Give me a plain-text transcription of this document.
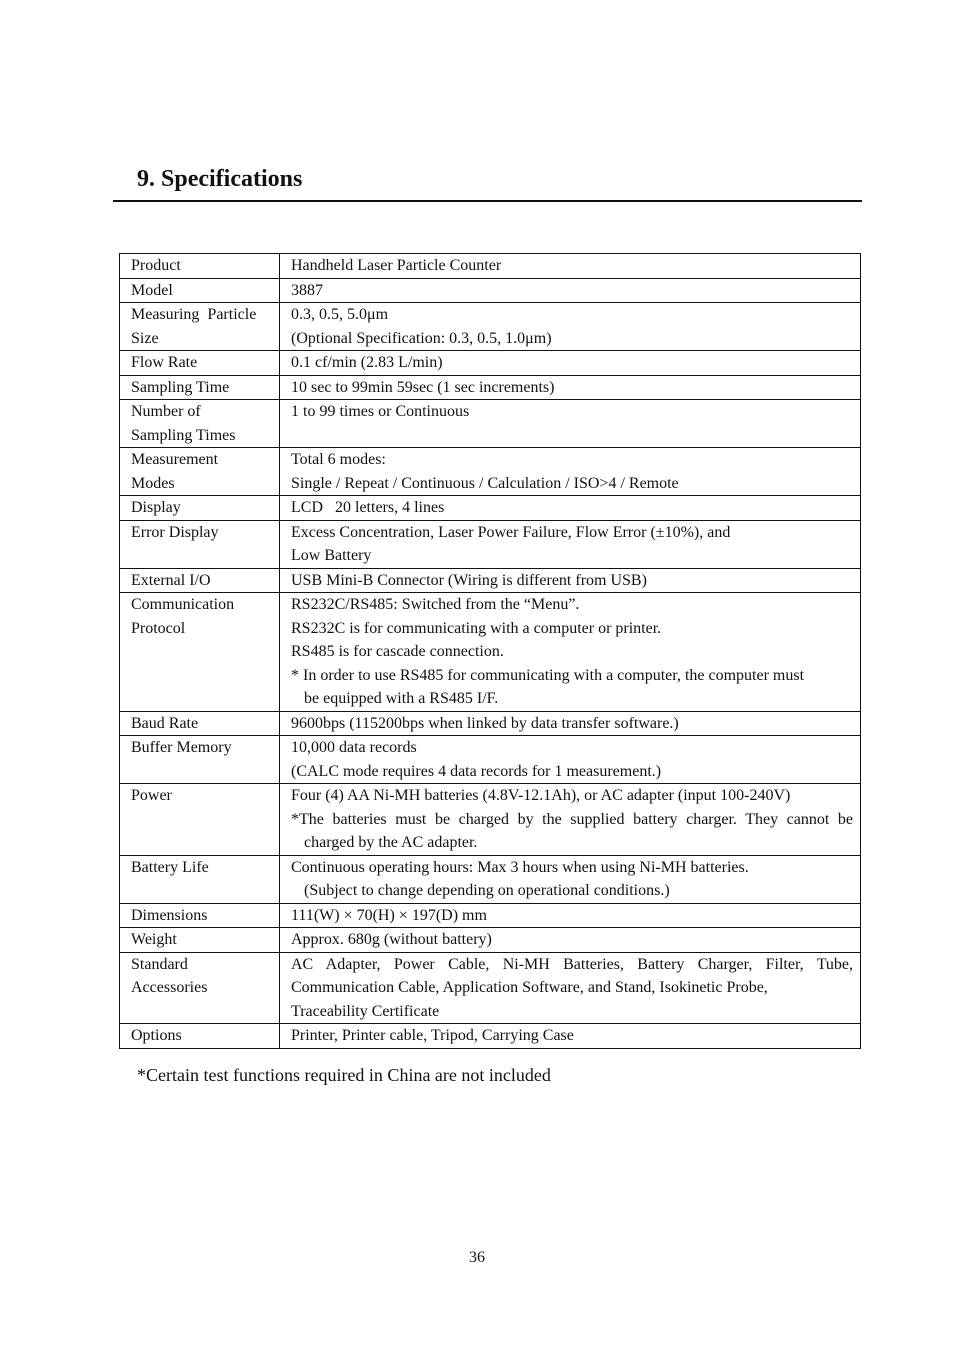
9. Specifications
Product	Handheld Laser Particle Counter

Model	3887

Measuring  Particle
Size	0.3, 0.5, 5.0μm
(Optional Specification: 0.3, 0.5, 1.0μm)

Flow Rate	0.1 cf/min (2.83 L/min)

Sampling Time	10 sec to 99min 59sec (1 sec increments)

Number of
Sampling Times	1 to 99 times or Continuous

Measurement
Modes	Total 6 modes:
Single / Repeat / Continuous / Calculation / ISO>4 / Remote

Display	LCD   20 letters, 4 lines

Error Display	Excess Concentration, Laser Power Failure, Flow Error (±10%), and
Low Battery

External I/O	USB Mini-B Connector (Wiring is different from USB)

Communication
Protocol	RS232C/RS485: Switched from the “Menu”.
RS232C is for communicating with a computer or printer.
RS485 is for cascade connection.
* In order to use RS485 for communicating with a computer, the computer must
be equipped with a RS485 I/F.

Baud Rate	9600bps (115200bps when linked by data transfer software.)

Buffer Memory	10,000 data records
(CALC mode requires 4 data records for 1 measurement.)

Power	Four (4) AA Ni-MH batteries (4.8V-12.1Ah), or AC adapter (input 100-240V)
*The batteries must be charged by the supplied battery charger. They cannot be
charged by the AC adapter.

Battery Life	Continuous operating hours: Max 3 hours when using Ni-MH batteries.
(Subject to change depending on operational conditions.)

Dimensions	111(W) × 70(H) × 197(D) mm

Weight	Approx. 680g (without battery)

Standard
Accessories	AC Adapter, Power Cable, Ni-MH Batteries, Battery Charger, Filter, Tube,
Communication Cable, Application Software, and Stand, Isokinetic Probe,
Traceability Certificate

Options	Printer, Printer cable, Tripod, Carrying Case
*Certain test functions required in China are not included
36
